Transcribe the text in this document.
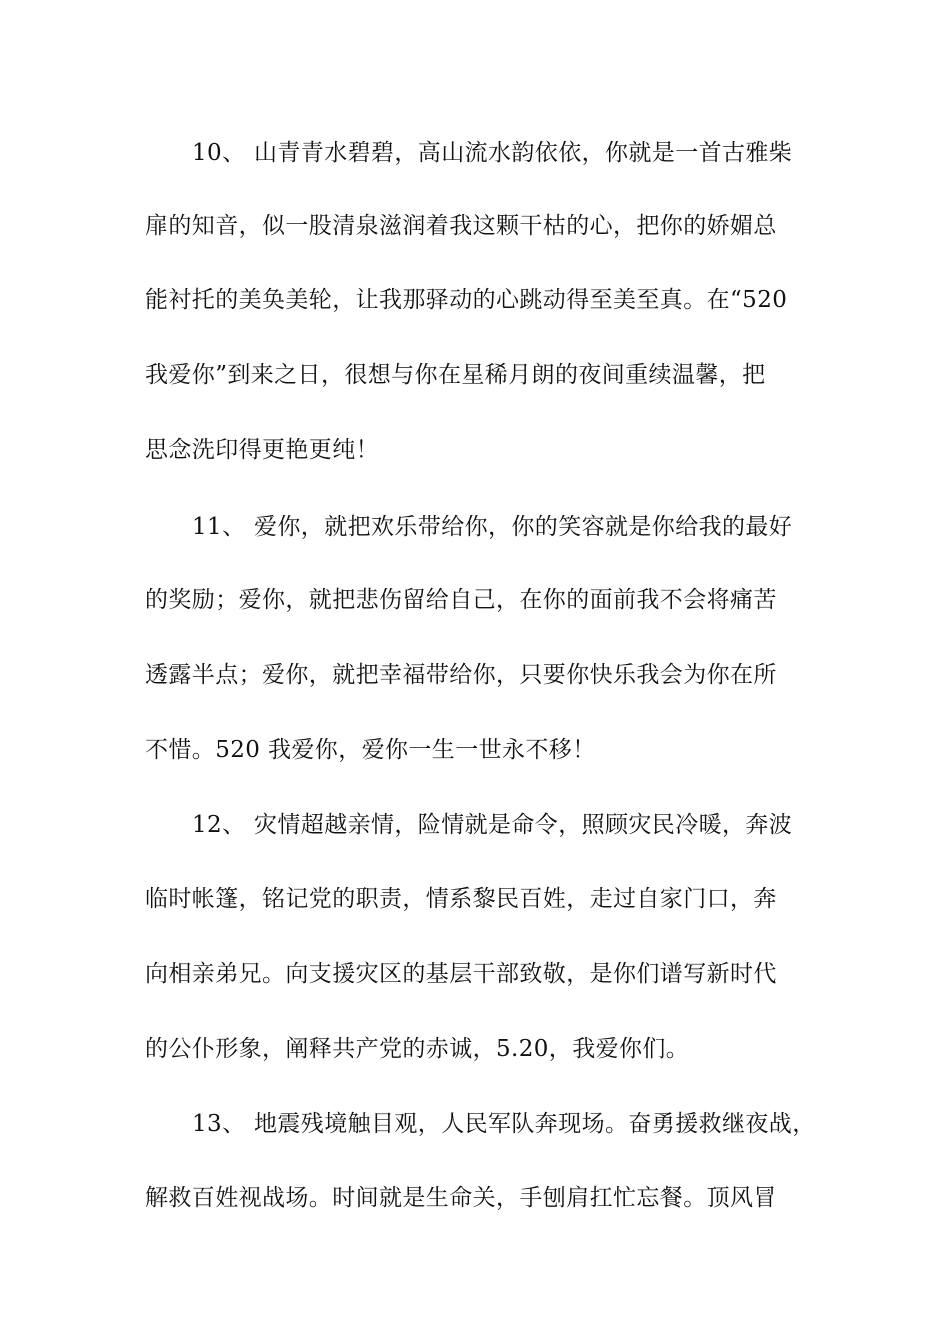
10、 山青青水碧碧，高山流水韵依依，你就是一首古雅柴
扉的知音，似一股清泉滋润着我这颗干枯的心，把你的娇媚总
能衬托的美奂美轮，让我那驿动的心跳动得至美至真。在“520
我爱你”到来之日，很想与你在星稀月朗的夜间重续温馨，把
思念洗印得更艳更纯！
11、 爱你，就把欢乐带给你，你的笑容就是你给我的最好
的奖励；爱你，就把悲伤留给自己，在你的面前我不会将痛苦
透露半点；爱你，就把幸福带给你，只要你快乐我会为你在所
不惜。520 我爱你，爱你一生一世永不移！
12、 灾情超越亲情，险情就是命令，照顾灾民冷暖，奔波
临时帐篷，铭记党的职责，情系黎民百姓，走过自家门口，奔
向相亲弟兄。向支援灾区的基层干部致敬，是你们谱写新时代
的公仆形象，阐释共产党的赤诚，5.20，我爱你们。
13、 地震残境触目观，人民军队奔现场。奋勇援救继夜战，
解救百姓视战场。时间就是生命关，手刨肩扛忙忘餐。顶风冒
